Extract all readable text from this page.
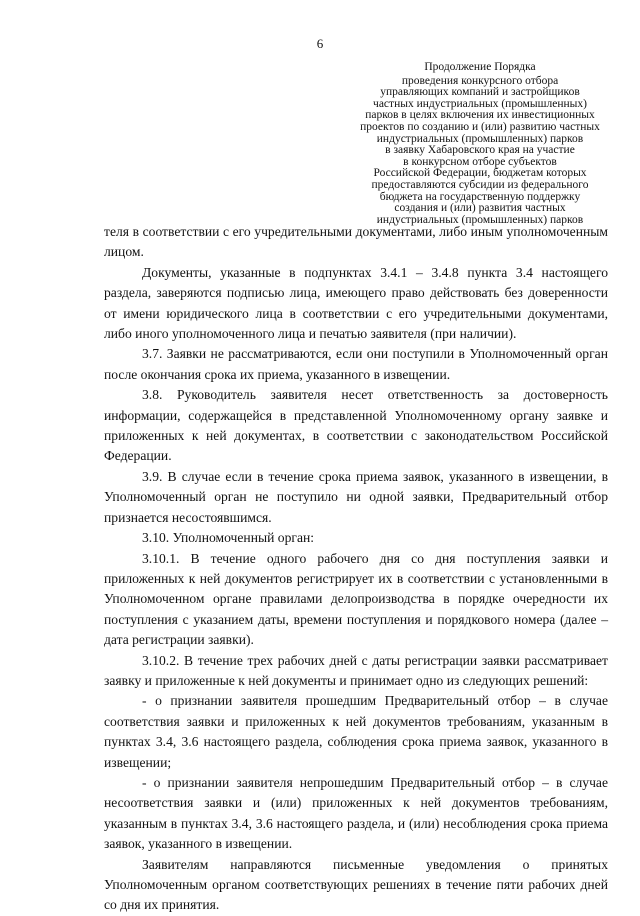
6
Продолжение Порядка
проведения конкурсного отбора
управляющих компаний и застройщиков
частных индустриальных (промышленных)
парков в целях включения их инвестиционных
проектов по созданию и (или) развитию частных
индустриальных (промышленных) парков
в заявку Хабаровского края на участие
в конкурсном отборе субъектов
Российской Федерации, бюджетам которых
предоставляются субсидии из федерального
бюджета на государственную поддержку
создания и (или) развития частных
индустриальных (промышленных) парков

теля в соответствии с его учредительными документами, либо иным уполномоченным лицом.

Документы, указанные в подпунктах 3.4.1 – 3.4.8 пункта 3.4 настоящего раздела, заверяются подписью лица, имеющего право действовать без доверенности от имени юридического лица в соответствии с его учредительными документами, либо иного уполномоченного лица и печатью заявителя (при наличии).

3.7. Заявки не рассматриваются, если они поступили в Уполномоченный орган после окончания срока их приема, указанного в извещении.

3.8. Руководитель заявителя несет ответственность за достоверность информации, содержащейся в представленной Уполномоченному органу заявке и приложенных к ней документах, в соответствии с законодательством Российской Федерации.

3.9. В случае если в течение срока приема заявок, указанного в извещении, в Уполномоченный орган не поступило ни одной заявки, Предварительный отбор признается несостоявшимся.

3.10. Уполномоченный орган:

3.10.1. В течение одного рабочего дня со дня поступления заявки и приложенных к ней документов регистрирует их в соответствии с установленными в Уполномоченном органе правилами делопроизводства в порядке очередности их поступления с указанием даты, времени поступления и порядкового номера (далее – дата регистрации заявки).

3.10.2. В течение трех рабочих дней с даты регистрации заявки рассматривает заявку и приложенные к ней документы и принимает одно из следующих решений:

- о признании заявителя прошедшим Предварительный отбор – в случае соответствия заявки и приложенных к ней документов требованиям, указанным в пунктах 3.4, 3.6 настоящего раздела, соблюдения срока приема заявок, указанного в извещении;

- о признании заявителя непрошедшим Предварительный отбор – в случае несоответствия заявки и (или) приложенных к ней документов требованиям, указанным в пунктах 3.4, 3.6 настоящего раздела, и (или) несоблюдения срока приема заявок, указанного в извещении.

Заявителям направляются письменные уведомления о принятых Уполномоченным органом соответствующих решениях в течение пяти рабочих дней со дня их принятия.
